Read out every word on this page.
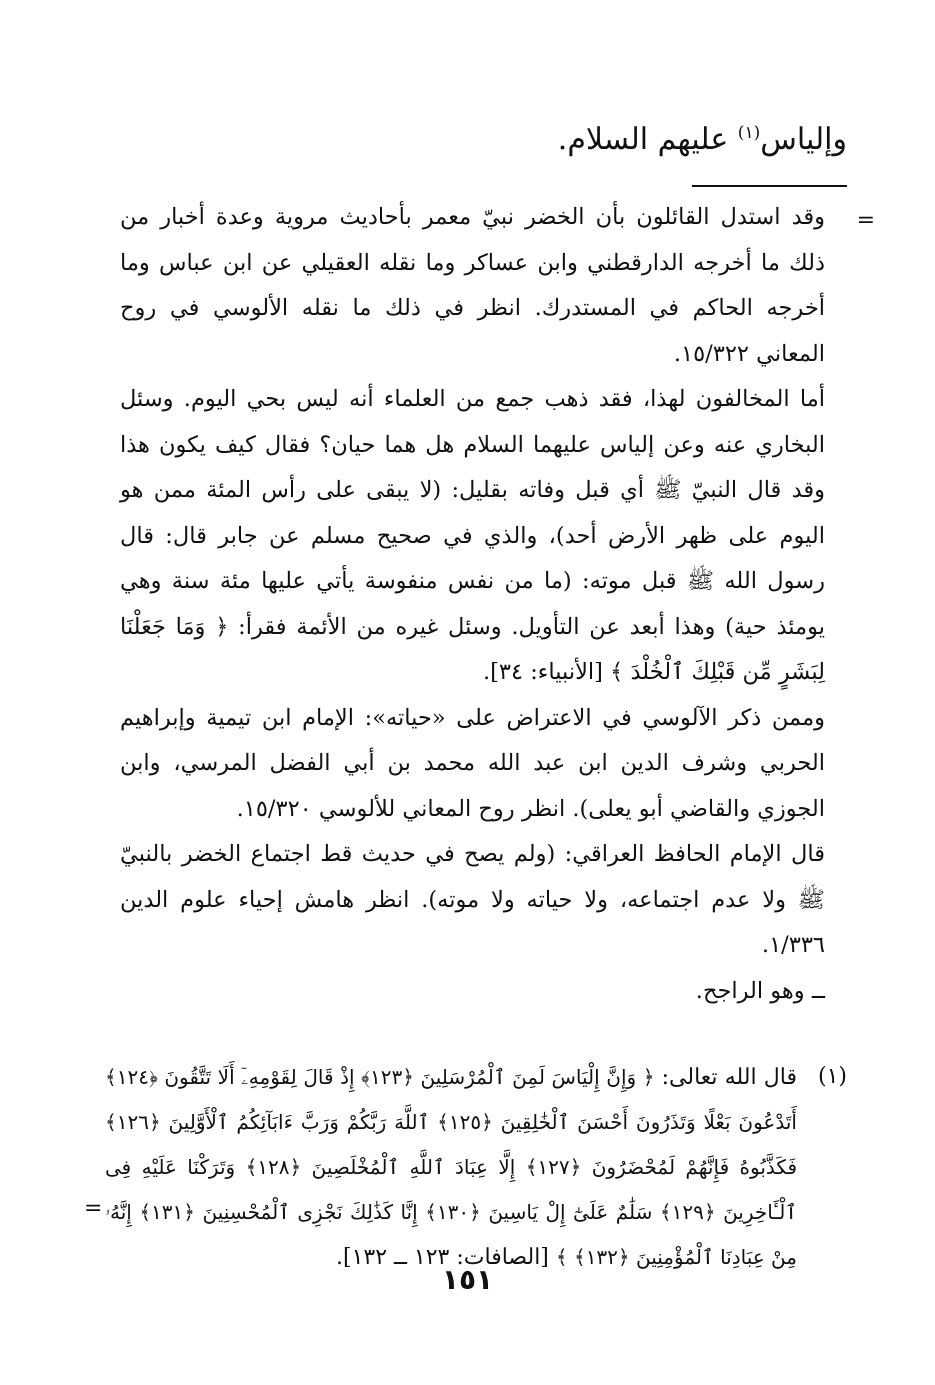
وإلياس$^{(١)}$ عليهم السلام.
=

وقد استدل القائلون بأن الخضر نبيّ معمر بأحاديث مروية وعدة أخبار من ذلك ما أخرجه الدارقطني وابن عساكر وما نقله العقيلي عن ابن عباس وما أخرجه الحاكم في المستدرك. انظر في ذلك ما نقله الألوسي في روح المعاني ١٥/٣٢٢.

أما المخالفون لهذا، فقد ذهب جمع من العلماء أنه ليس بحي اليوم. وسئل البخاري عنه وعن إلياس عليهما السلام هل هما حيان؟ فقال كيف يكون هذا وقد قال النبيّ ﷺ أي قبل وفاته بقليل: (لا يبقى على رأس المئة ممن هو اليوم على ظهر الأرض أحد)، والذي في صحيح مسلم عن جابر قال: قال رسول الله ﷺ قبل موته: (ما من نفس منفوسة يأتي عليها مئة سنة وهي يومئذ حية) وهذا أبعد عن التأويل. وسئل غيره من الأئمة فقرأ: ﴿ وَمَا جَعَلْنَا لِبَشَرٍ مِّن قَبْلِكَ ٱلْخُلْدَ ﴾ [الأنبياء: ٣٤].

وممن ذكر الآلوسي في الاعتراض على «حياته»: الإمام ابن تيمية وإبراهيم الحربي وشرف الدين ابن عبد الله محمد بن أبي الفضل المرسي، وابن الجوزي والقاضي أبو يعلى). انظر روح المعاني للألوسي ١٥/٣٢٠.

قال الإمام الحافظ العراقي: (ولم يصح في حديث قط اجتماع الخضر بالنبيّ ﷺ ولا عدم اجتماعه، ولا حياته ولا موته). انظر هامش إحياء علوم الدين ١/٣٣٦.

ــ وهو الراجح.

(١)
قال الله تعالى: ﴿ وَإِنَّ إِلْيَاسَ لَمِنَ ٱلْمُرْسَلِينَ ﴿١٢٣﴾ إِذْ قَالَ لِقَوْمِهِۦٓ أَلَا تَتَّقُونَ ﴿١٢٤﴾ أَتَدْعُونَ بَعْلًا وَتَذَرُونَ أَحْسَنَ ٱلْخَٰلِقِينَ ﴿١٢٥﴾ ٱللَّهَ رَبَّكُمْ وَرَبَّ ءَابَآئِكُمُ ٱلْأَوَّلِينَ ﴿١٢٦﴾ فَكَذَّبُوهُ فَإِنَّهُمْ لَمُحْضَرُونَ ﴿١٢٧﴾ إِلَّا عِبَادَ ٱللَّهِ ٱلْمُخْلَصِينَ ﴿١٢٨﴾ وَتَرَكْنَا عَلَيْهِ فِى ٱلْـَٔاخِرِينَ ﴿١٢٩﴾ سَلَٰمٌ عَلَىٰٓ إِلْ يَاسِينَ ﴿١٣٠﴾ إِنَّا كَذَٰلِكَ نَجْزِى ٱلْمُحْسِنِينَ ﴿١٣١﴾ إِنَّهُۥ مِنْ عِبَادِنَا ٱلْمُؤْمِنِينَ ﴿١٣٢﴾ ﴾ [الصافات: ١٢٣ ــ ١٣٢].
=
١٥١
